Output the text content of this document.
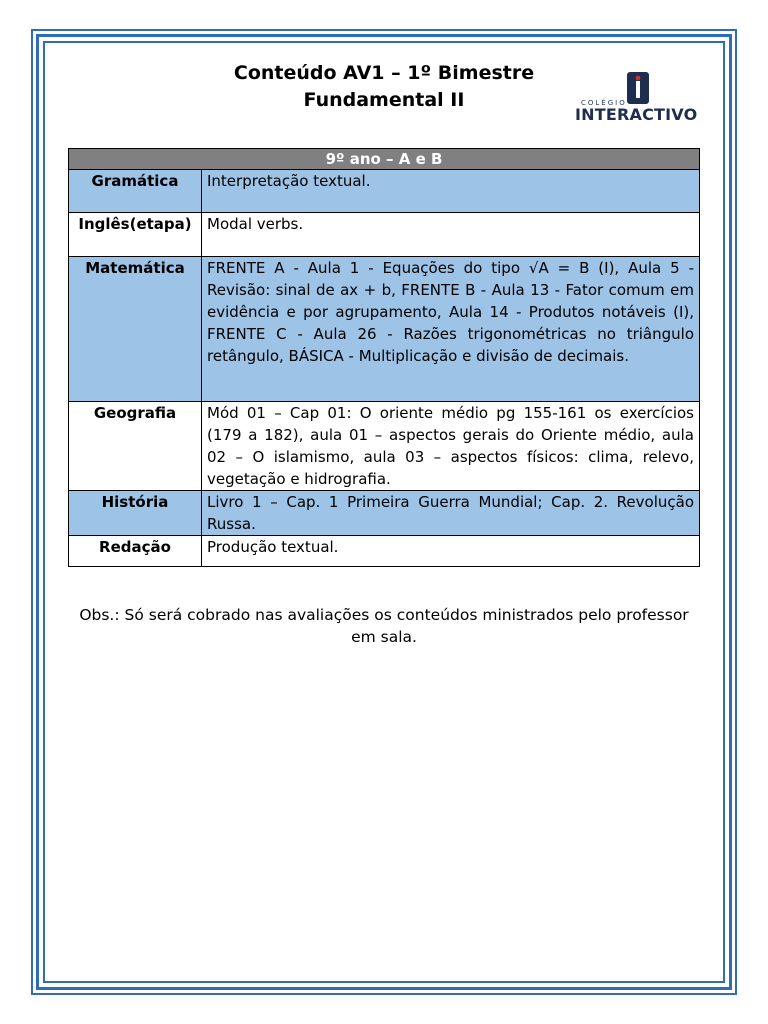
Conteúdo AV1 – 1º Bimestre
Fundamental II	COLÉGIO
INTERACTIVO
9º ano – A e B	
Gramática	Interpretação textual.
Inglês(etapa)	Modal verbs.
Matemática	FRENTE A - Aula 1 - Equações do tipo √A = B (I), Aula 5 - Revisão: sinal de ax + b, FRENTE B - Aula 13 - Fator comum em evidência e por agrupamento, Aula 14 - Produtos notáveis (I), FRENTE C - Aula 26 - Razões trigonométricas no triângulo retângulo, BÁSICA - Multiplicação e divisão de decimais.
Geografia	Mód 01 – Cap 01: O oriente médio pg 155-161 os exercícios (179 a 182), aula 01 – aspectos gerais do Oriente médio, aula 02 – O islamismo, aula 03 – aspectos físicos: clima, relevo, vegetação e hidrografia.
História	Livro 1 – Cap. 1 Primeira Guerra Mundial; Cap. 2. Revolução Russa.
Redação	Produção textual.
Obs.: Só será cobrado nas avaliações os conteúdos ministrados pelo professor em sala.
